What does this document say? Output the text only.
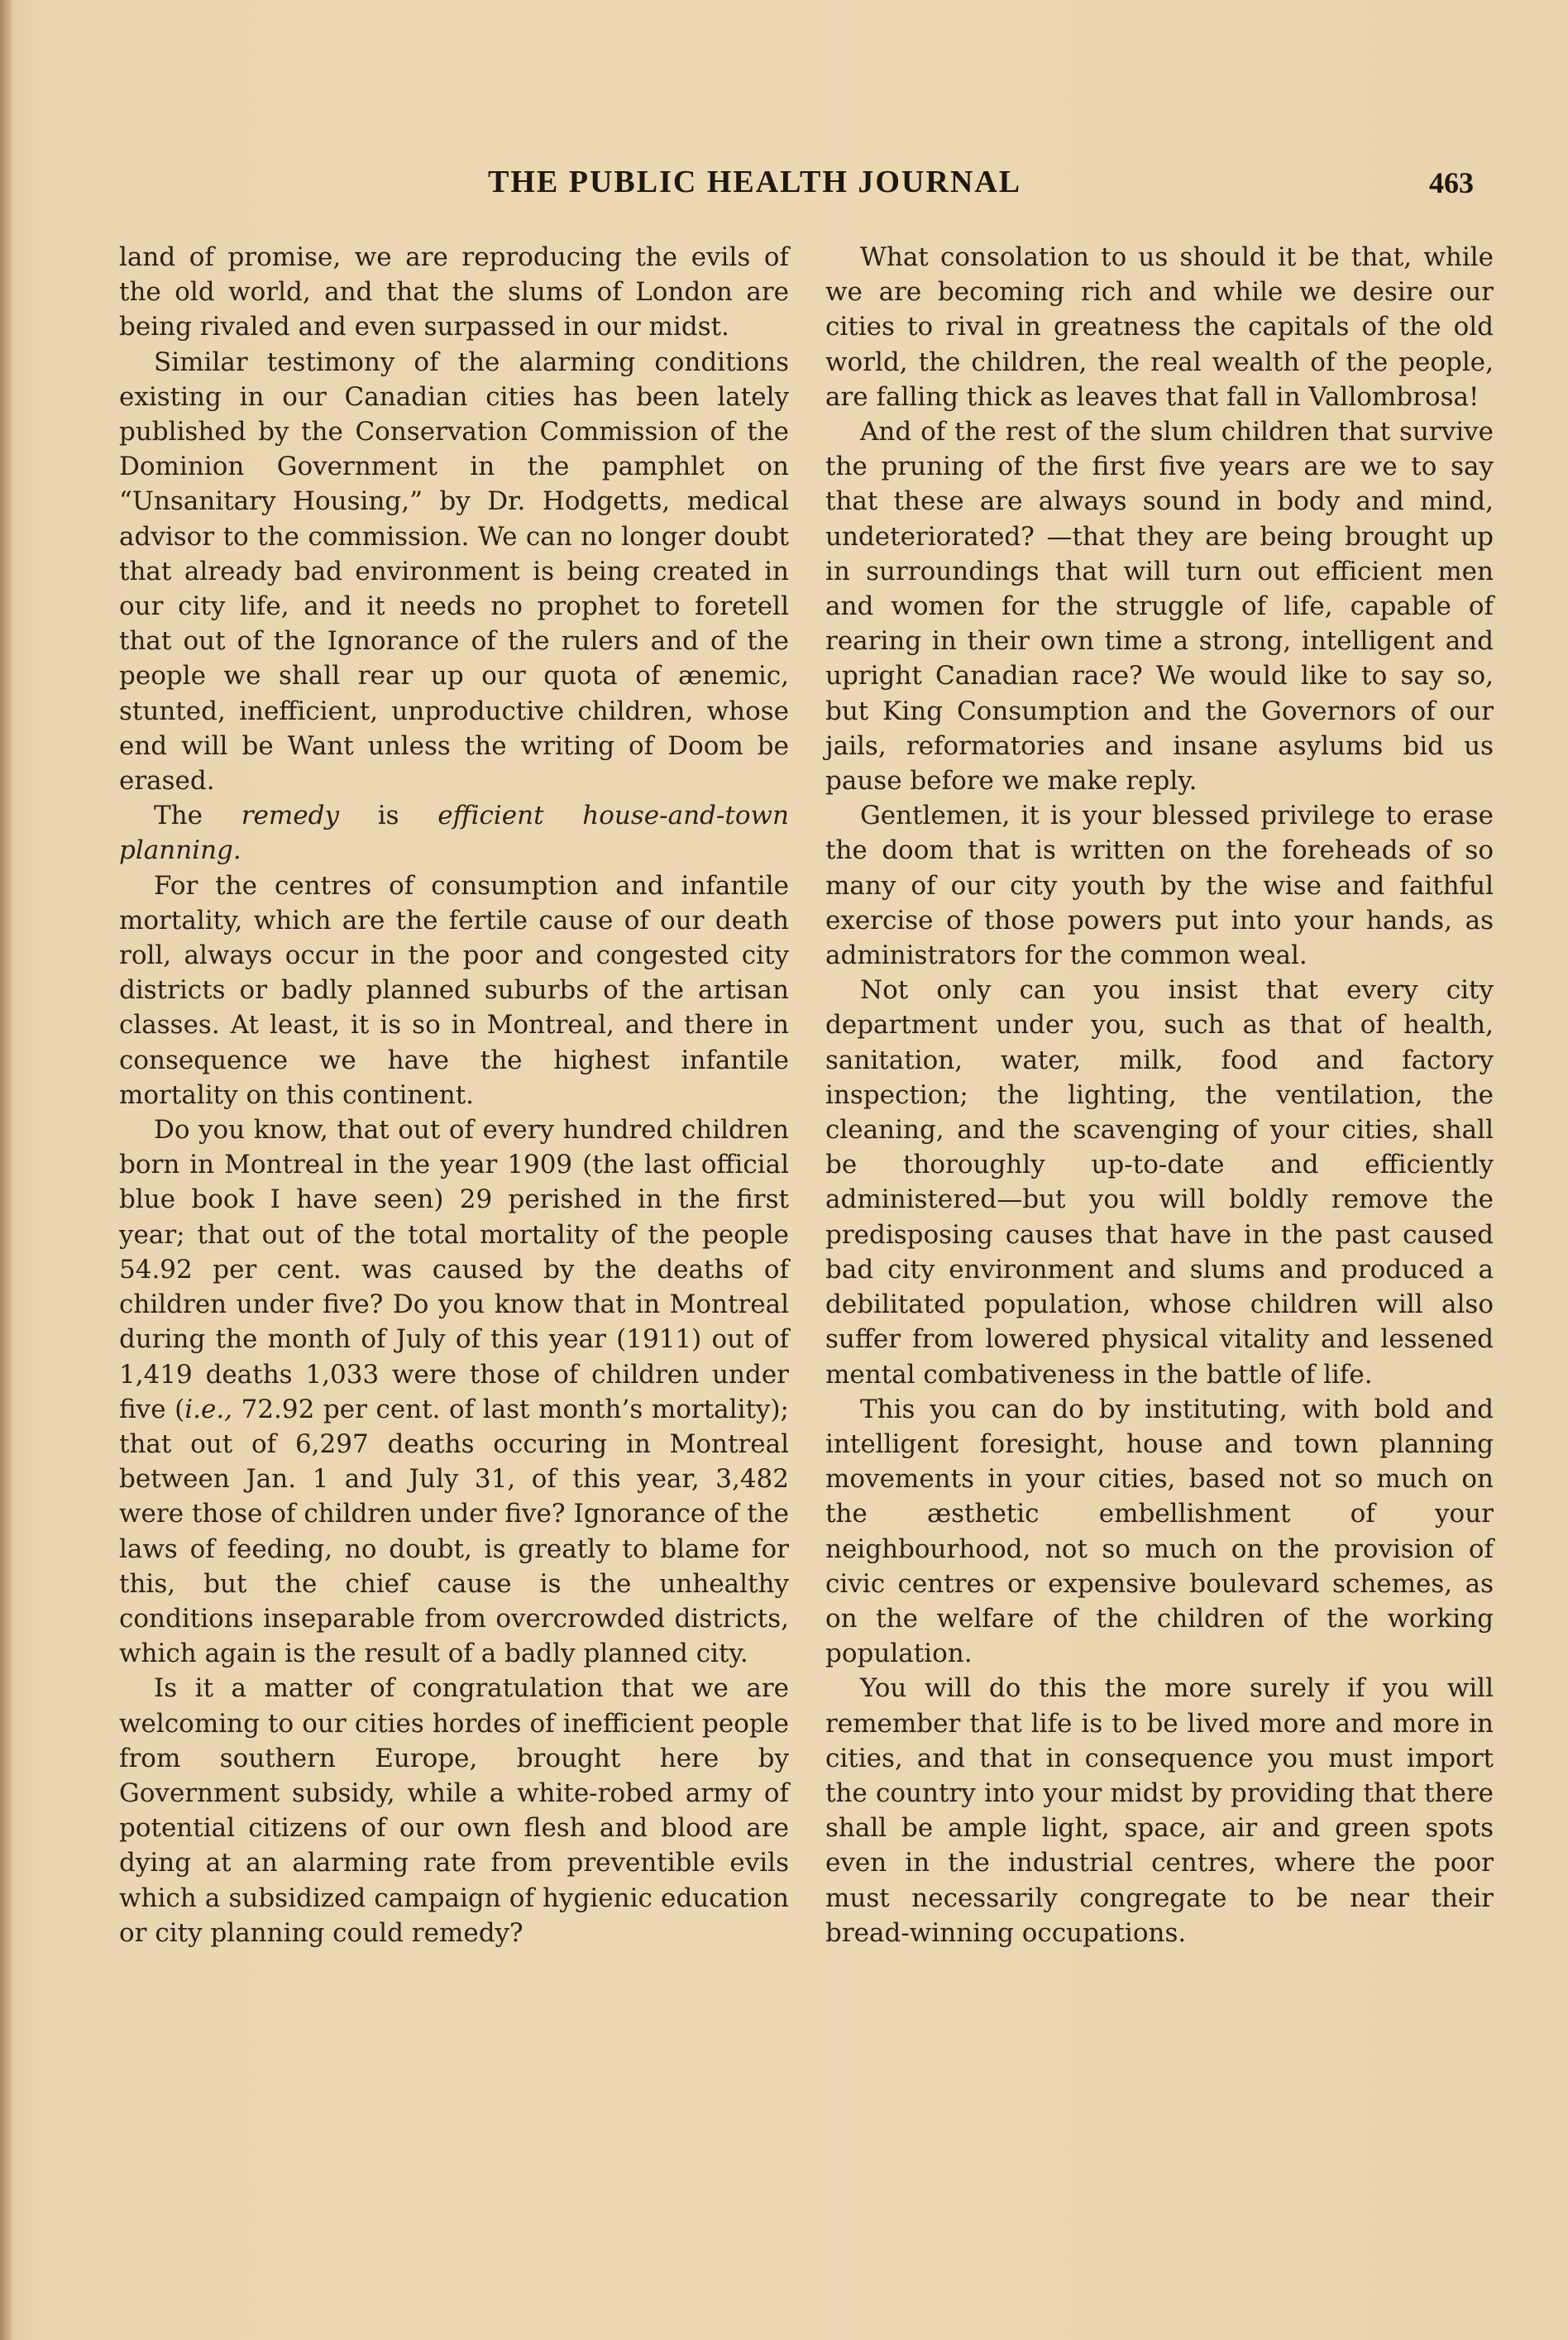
THE PUBLIC HEALTH JOURNAL	463

land of promise, we are reproducing the evils of the old world, and that the slums of London are being rivaled and even surpassed in our midst.

Similar testimony of the alarming conditions existing in our Canadian cities has been lately published by the Conservation Commission of the Dominion Government in the pamphlet on “Unsanitary Housing,” by Dr. Hodgetts, medical advisor to the commission. We can no longer doubt that already bad environment is being created in our city life, and it needs no prophet to foretell that out of the Ignorance of the rulers and of the people we shall rear up our quota of ænemic, stunted, inefficient, unproductive children, whose end will be Want unless the writing of Doom be erased.

The remedy is efficient house-and-town planning.

For the centres of consumption and infantile mortality, which are the fertile cause of our death roll, always occur in the poor and congested city districts or badly planned suburbs of the artisan classes. At least, it is so in Montreal, and there in consequence we have the highest infantile mortality on this continent.

Do you know, that out of every hundred children born in Montreal in the year 1909 (the last official blue book I have seen) 29 perished in the first year; that out of the total mortality of the people 54.92 per cent. was caused by the deaths of children under five? Do you know that in Montreal during the month of July of this year (1911) out of 1,419 deaths 1,033 were those of children under five (i.e., 72.92 per cent. of last month’s mortality); that out of 6,297 deaths occuring in Montreal between Jan. 1 and July 31, of this year, 3,482 were those of children under five? Ignorance of the laws of feeding, no doubt, is greatly to blame for this, but the chief cause is the unhealthy conditions inseparable from overcrowded districts, which again is the result of a badly planned city.

Is it a matter of congratulation that we are welcoming to our cities hordes of inefficient people from southern Europe, brought here by Government subsidy, while a white-robed army of potential citizens of our own flesh and blood are dying at an alarming rate from preventible evils which a subsidized campaign of hygienic education or city planning could remedy?

What consolation to us should it be that, while we are becoming rich and while we desire our cities to rival in greatness the capitals of the old world, the children, the real wealth of the people, are falling thick as leaves that fall in Vallombrosa!

And of the rest of the slum children that survive the pruning of the first five years are we to say that these are always sound in body and mind, undeteriorated? —that they are being brought up in surroundings that will turn out efficient men and women for the struggle of life, capable of rearing in their own time a strong, intelligent and upright Canadian race? We would like to say so, but King Consumption and the Governors of our jails, reformatories and insane asylums bid us pause before we make reply.

Gentlemen, it is your blessed privilege to erase the doom that is written on the foreheads of so many of our city youth by the wise and faithful exercise of those powers put into your hands, as administrators for the common weal.

Not only can you insist that every city department under you, such as that of health, sanitation, water, milk, food and factory inspection; the lighting, the ventilation, the cleaning, and the scavenging of your cities, shall be thoroughly up-to-date and efficiently administered—but you will boldly remove the predisposing causes that have in the past caused bad city environment and slums and produced a debilitated population, whose children will also suffer from lowered physical vitality and lessened mental combativeness in the battle of life.

This you can do by instituting, with bold and intelligent foresight, house and town planning movements in your cities, based not so much on the æsthetic embellishment of your neighbourhood, not so much on the provision of civic centres or expensive boulevard schemes, as on the welfare of the children of the working population.

You will do this the more surely if you will remember that life is to be lived more and more in cities, and that in consequence you must import the country into your midst by providing that there shall be ample light, space, air and green spots even in the industrial centres, where the poor must necessarily congregate to be near their bread-winning occupations.
